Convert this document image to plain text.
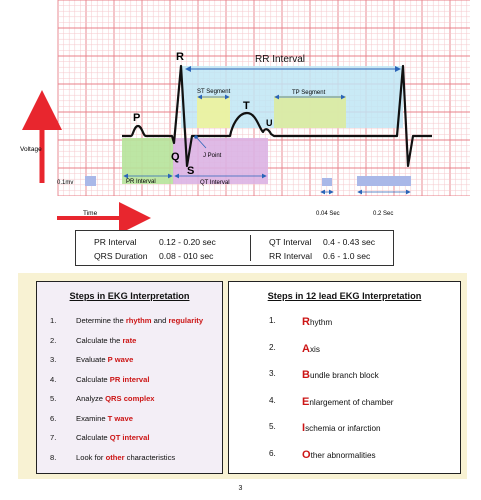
Voltage
Time
RR Interval
ST Segment	TP Segment
J Point
PR Interval	QT Interval
P
Q
R
S
T
U
0.1mv
0.04 Sec	0.2 Sec
PR Interval	0.12 - 0.20 sec
QRS Duration 0.08 - 010 sec
QT Interval 0.4 - 0.43 sec
RR Interval 0.6 - 1.0 sec
Steps in EKG Interpretation
1.	Determine the rhythm and regularity
2.	Calculate the rate
3.	Evaluate P wave
4.	Calculate PR interval
5.	Analyze QRS complex
6.	Examine T wave
7.	Calculate QT interval
8.	Look for other characteristics
Steps in 12 lead EKG Interpretation
1. Rhythm
2. Axis
3. Bundle branch block
4. Enlargement of chamber
5. Ischemia or infarction
6. Other abnormalities
3
